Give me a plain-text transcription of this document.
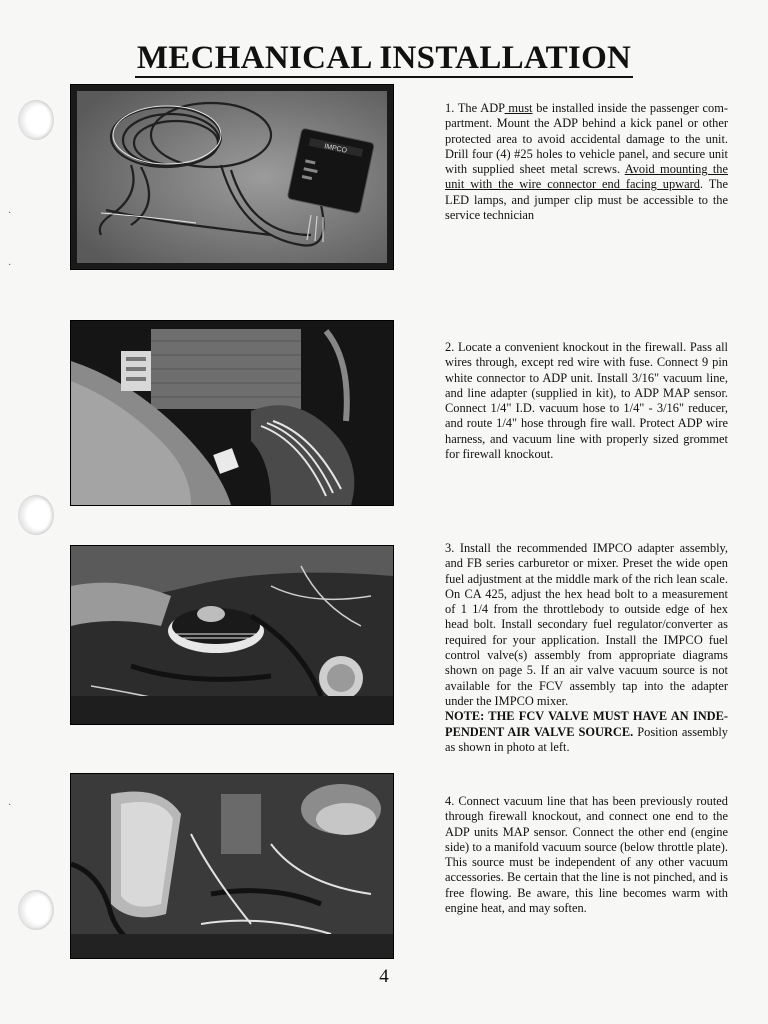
MECHANICAL INSTALLATION
·
·
·
IMPCO
1. The ADP must be installed inside the passenger com-partment. Mount the ADP behind a kick panel or other protected area to avoid accidental damage to the unit. Drill four (4) #25 holes to vehicle panel, and secure unit with supplied sheet metal screws. Avoid mounting the unit with the wire connector end facing upward. The LED lamps, and jumper clip must be accessible to the service technician
2. Locate a convenient knockout in the firewall. Pass all wires through, except red wire with fuse. Connect 9 pin white connector to ADP unit. Install 3/16" vacuum line, and line adapter (supplied in kit), to ADP MAP sensor. Connect 1/4" I.D. vacuum hose to 1/4" - 3/16" reducer, and route 1/4" hose through fire wall. Protect ADP wire harness, and vacuum line with properly sized grommet for firewall knockout.
3. Install the recommended IMPCO adapter assembly, and FB series carburetor or mixer. Preset the wide open fuel adjustment at the middle mark of the rich lean scale. On CA 425, adjust the hex head bolt to a measurement of 1 1/4 from the throttlebody to outside edge of hex head bolt. Install secondary fuel regulator/converter as required for your application. Install the IMPCO fuel control valve(s) assembly from appropriate diagrams shown on page 5. If an air valve vacuum source is not available for the FCV assembly tap into the adapter under the IMPCO mixer.
NOTE: THE FCV VALVE MUST HAVE AN INDE-PENDENT AIR VALVE SOURCE. Position assembly as shown in photo at left.
4. Connect vacuum line that has been previously routed through firewall knockout, and connect one end to the ADP units MAP sensor. Connect the other end (engine side) to a manifold vacuum source (below throttle plate). This source must be independent of any other vacuum accessories. Be certain that the line is not pinched, and is free flowing. Be aware, this line becomes warm with engine heat, and may soften.
4
